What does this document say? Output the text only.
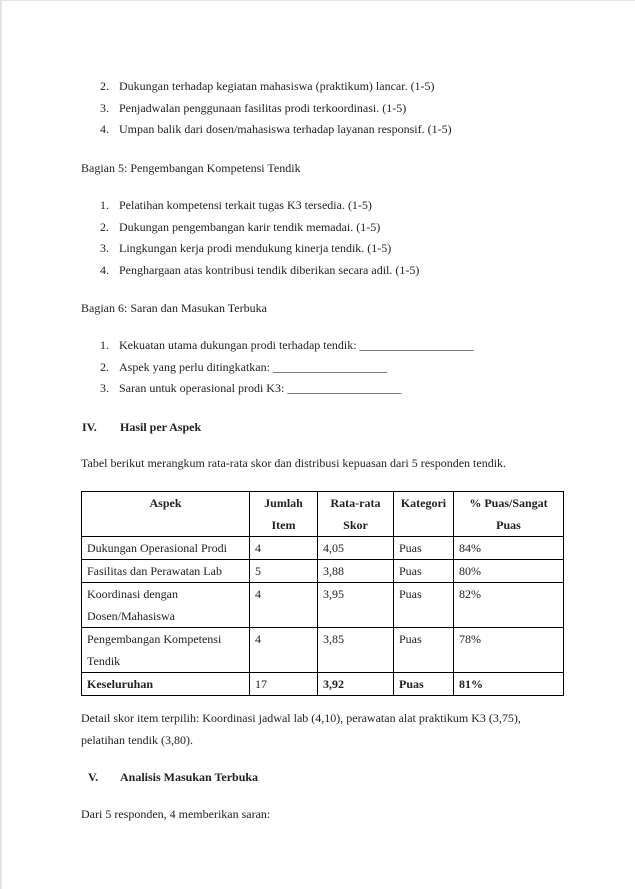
2. Dukungan terhadap kegiatan mahasiswa (praktikum) lancar. (1-5)
3. Penjadwalan penggunaan fasilitas prodi terkoordinasi. (1-5)
4. Umpan balik dari dosen/mahasiswa terhadap layanan responsif. (1-5)

Bagian 5: Pengembangan Kompetensi Tendik

1. Pelatihan kompetensi terkait tugas K3 tersedia. (1-5)
2. Dukungan pengembangan karir tendik memadai. (1-5)
3. Lingkungan kerja prodi mendukung kinerja tendik. (1-5)
4. Penghargaan atas kontribusi tendik diberikan secara adil. (1-5)

Bagian 6: Saran dan Masukan Terbuka

1. Kekuatan utama dukungan prodi terhadap tendik: ___________________
2. Aspek yang perlu ditingkatkan: ___________________
3. Saran untuk operasional prodi K3: ___________________
IV. Hasil per Aspek

Tabel berikut merangkum rata-rata skor dan distribusi kepuasan dari 5 responden tendik.

Aspek	Jumlah Item	Rata-rata Skor	Kategori	% Puas/Sangat Puas
Dukungan Operasional Prodi	4	4,05	Puas	84%
Fasilitas dan Perawatan Lab	5	3,88	Puas	80%
Koordinasi dengan Dosen/Mahasiswa	4	3,95	Puas	82%
Pengembangan Kompetensi Tendik	4	3,85	Puas	78%
Keseluruhan	17	3,92	Puas	81%

Detail skor item terpilih: Koordinasi jadwal lab (4,10), perawatan alat praktikum K3 (3,75), pelatihan tendik (3,80).

V. Analisis Masukan Terbuka

Dari 5 responden, 4 memberikan saran:
